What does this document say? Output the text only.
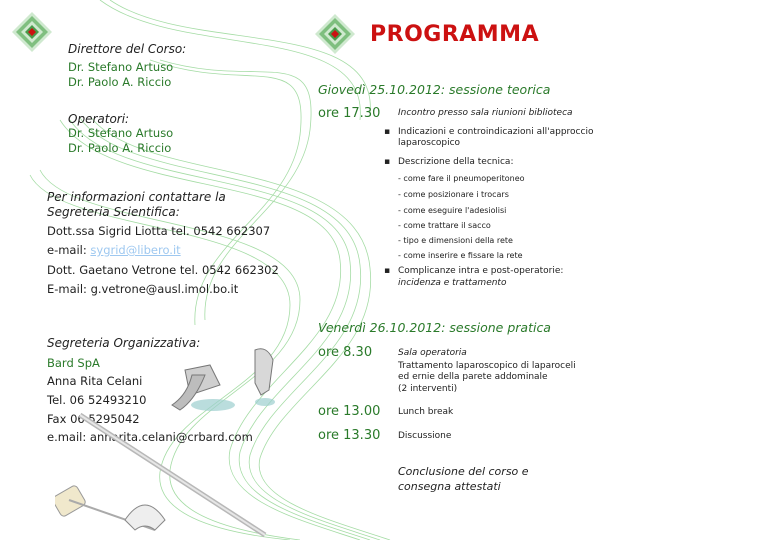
Direttore del Corso:
Dr. Stefano Artuso
Dr. Paolo A. Riccio
Operatori:
Dr. Stefano Artuso
Dr. Paolo A. Riccio
Per informazioni contattare la Segreteria Scientifica:
Dott.ssa Sigrid Liotta tel. 0542 662307
e-mail: sygrid@libero.it
Dott. Gaetano Vetrone tel. 0542 662302
E-mail: g.vetrone@ausl.imol.bo.it
Segreteria Organizzativa:
Bard SpA
Anna Rita Celani
Tel. 06 52493210
Fax 06 5295042
e.mail: annarita.celani@crbard.com
PROGRAMMA
Giovedì 25.10.2012: sessione teorica
ore 17.30 Incontro presso sala riunioni biblioteca
▪ Indicazioni e controindicazioni all'approccio laparoscopico
▪ Descrizione della tecnica:
- come fare il pneumoperitoneo
- come posizionare i trocars
- come eseguire l'adesiolisi
- come trattare il sacco
- tipo e dimensioni della rete
- come inserire e fissare la rete
▪ Complicanze intra e post-operatorie:
incidenza e trattamento
Venerdì 26.10.2012: sessione pratica
ore 8.30	Sala operatoria
Trattamento laparoscopico di laparoceli ed ernie della parete addominale
(2 interventi)
ore 13.00 Lunch break
ore 13.30 Discussione
Conclusione del corso e
consegna attestati
